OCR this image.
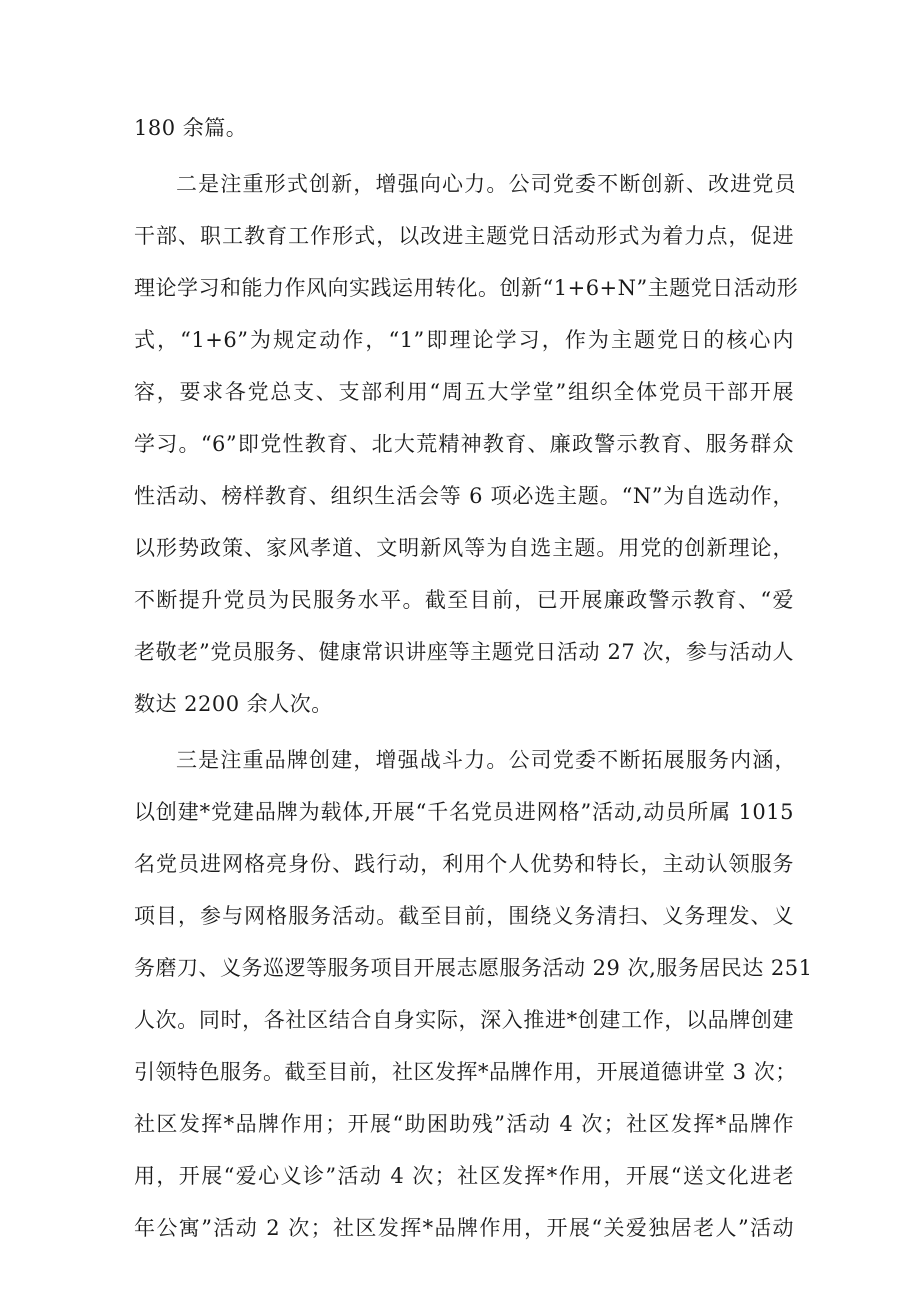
180 余篇。
二是注重形式创新，增强向心力。公司党委不断创新、改进党员
干部、职工教育工作形式，以改进主题党日活动形式为着力点，促进
理论学习和能力作风向实践运用转化。创新“1+6+N”主题党日活动形
式，“1+6”为规定动作，“1”即理论学习，作为主题党日的核心内
容，要求各党总支、支部利用“周五大学堂”组织全体党员干部开展
学习。“6”即党性教育、北大荒精神教育、廉政警示教育、服务群众
性活动、榜样教育、组织生活会等 6 项必选主题。“N”为自选动作，
以形势政策、家风孝道、文明新风等为自选主题。用党的创新理论，
不断提升党员为民服务水平。截至目前，已开展廉政警示教育、“爱
老敬老”党员服务、健康常识讲座等主题党日活动 27 次，参与活动人
数达 2200 余人次。
三是注重品牌创建，增强战斗力。公司党委不断拓展服务内涵，
以创建*党建品牌为载体,开展“千名党员进网格”活动,动员所属 1015
名党员进网格亮身份、践行动，利用个人优势和特长，主动认领服务
项目，参与网格服务活动。截至目前，围绕义务清扫、义务理发、义
务磨刀、义务巡逻等服务项目开展志愿服务活动 29 次,服务居民达 251
人次。同时，各社区结合自身实际，深入推进*创建工作，以品牌创建
引领特色服务。截至目前，社区发挥*品牌作用，开展道德讲堂 3 次；
社区发挥*品牌作用；开展“助困助残”活动 4 次；社区发挥*品牌作
用，开展“爱心义诊”活动 4 次；社区发挥*作用，开展“送文化进老
年公寓”活动 2 次；社区发挥*品牌作用，开展“关爱独居老人”活动
